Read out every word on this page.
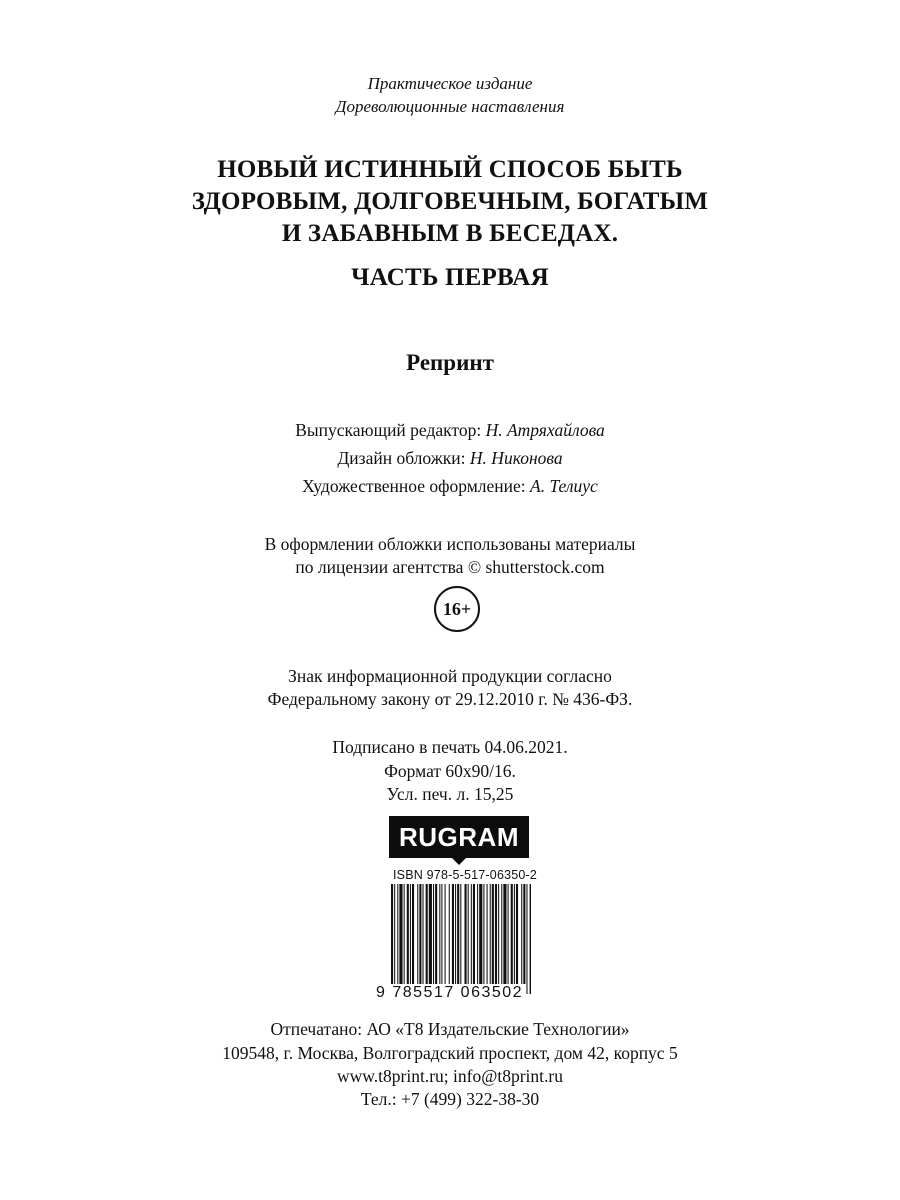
Практическое издание
Дореволюционные наставления
НОВЫЙ ИСТИННЫЙ СПОСОБ БЫТЬ
ЗДОРОВЫМ, ДОЛГОВЕЧНЫМ, БОГАТЫМ
И ЗАБАВНЫМ В БЕСЕДАХ.
ЧАСТЬ ПЕРВАЯ
Репринт
Выпускающий редактор: Н. Атряхайлова
Дизайн обложки: Н. Никонова
Художественное оформление: А. Телиус
В оформлении обложки использованы материалы
по лицензии агентства © shutterstock.com
16+
Знак информационной продукции согласно
Федеральному закону от 29.12.2010 г. № 436-ФЗ.
Подписано в печать 04.06.2021.
Формат 60x90/16.
Усл. печ. л. 15,25
RUGRAM
ISBN 978-5-517-06350-2
9 785517 063502
Отпечатано: АО «Т8 Издательские Технологии»
109548, г. Москва, Волгоградский проспект, дом 42, корпус 5
www.t8print.ru; info@t8print.ru
Тел.: +7 (499) 322-38-30
